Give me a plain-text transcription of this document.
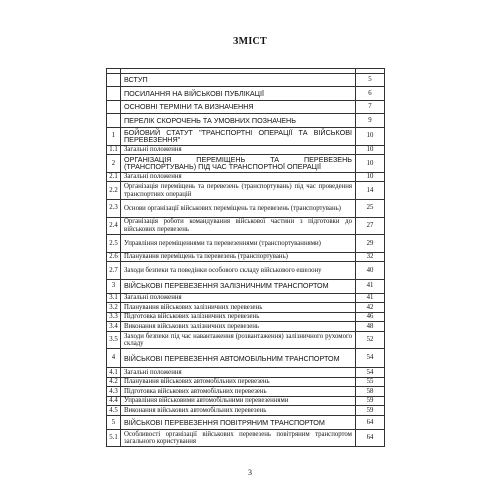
ЗМІСТ

	ВСТУП	5
	ПОСИЛАННЯ НА ВІЙСЬКОВІ ПУБЛІКАЦІЇ	6
	ОСНОВНІ ТЕРМІНИ ТА ВИЗНАЧЕННЯ	7
	ПЕРЕЛІК СКОРОЧЕНЬ ТА УМОВНИХ ПОЗНАЧЕНЬ	9
1	БОЙОВИЙ СТАТУТ "ТРАНСПОРТНІ ОПЕРАЦІЇ ТА ВІЙСЬКОВІ ПЕРЕВЕЗЕННЯ"	10
1.1	Загальні положення	10
2	ОРГАНІЗАЦІЯ ПЕРЕМІЩЕНЬ ТА ПЕРЕВЕЗЕНЬ (ТРАНСПОРТУВАНЬ) ПІД ЧАС ТРАНСПОРТНОЇ ОПЕРАЦІЇ	10
2.1	Загальні положення	10
2.2	Організація переміщень та перевезень (транспортувань) під час проведення транспортних операцій	14
2.3	Основи організації військових переміщень та перевезень (транспортувань)	25
2.4	Організація роботи командування військової частини з підготовки до військових перевезень	27
2.5	Управління переміщеннями та перевезеннями (транспортуваннями)	29
2.6	Планування переміщень та перевезень (транспортувань)	32
2.7	Заходи безпеки та поведінки особового складу військового ешелону	40
3	ВІЙСЬКОВІ ПЕРЕВЕЗЕННЯ ЗАЛІЗНИЧНИМ ТРАНСПОРТОМ	41
3.1	Загальні положення	41
3.2	Планування військових залізничних перевезень	42
3.3	Підготовка військових залізничних перевезень	46
3.4	Виконання військових залізничних перевезень	48
3.5	Заходи безпеки під час навантаження (розвантаження) залізничного рухомого складу	52
4	ВІЙСЬКОВІ ПЕРЕВЕЗЕННЯ АВТОМОБІЛЬНИМ ТРАНСПОРТОМ	54
4.1	Загальні положення	54
4.2	Планування військових автомобільних перевезень	55
4.3	Підготовка військових автомобільних перевезень	58
4.4	Управління військовими автомобільними перевезеннями	59
4.5	Виконання військових автомобільних перевезень	59
5	ВІЙСЬКОВІ ПЕРЕВЕЗЕННЯ ПОВІТРЯНИМ ТРАНСПОРТОМ	64
5.1	Особливості організації військових перевезень повітряним транспортом загального користування	64
3
